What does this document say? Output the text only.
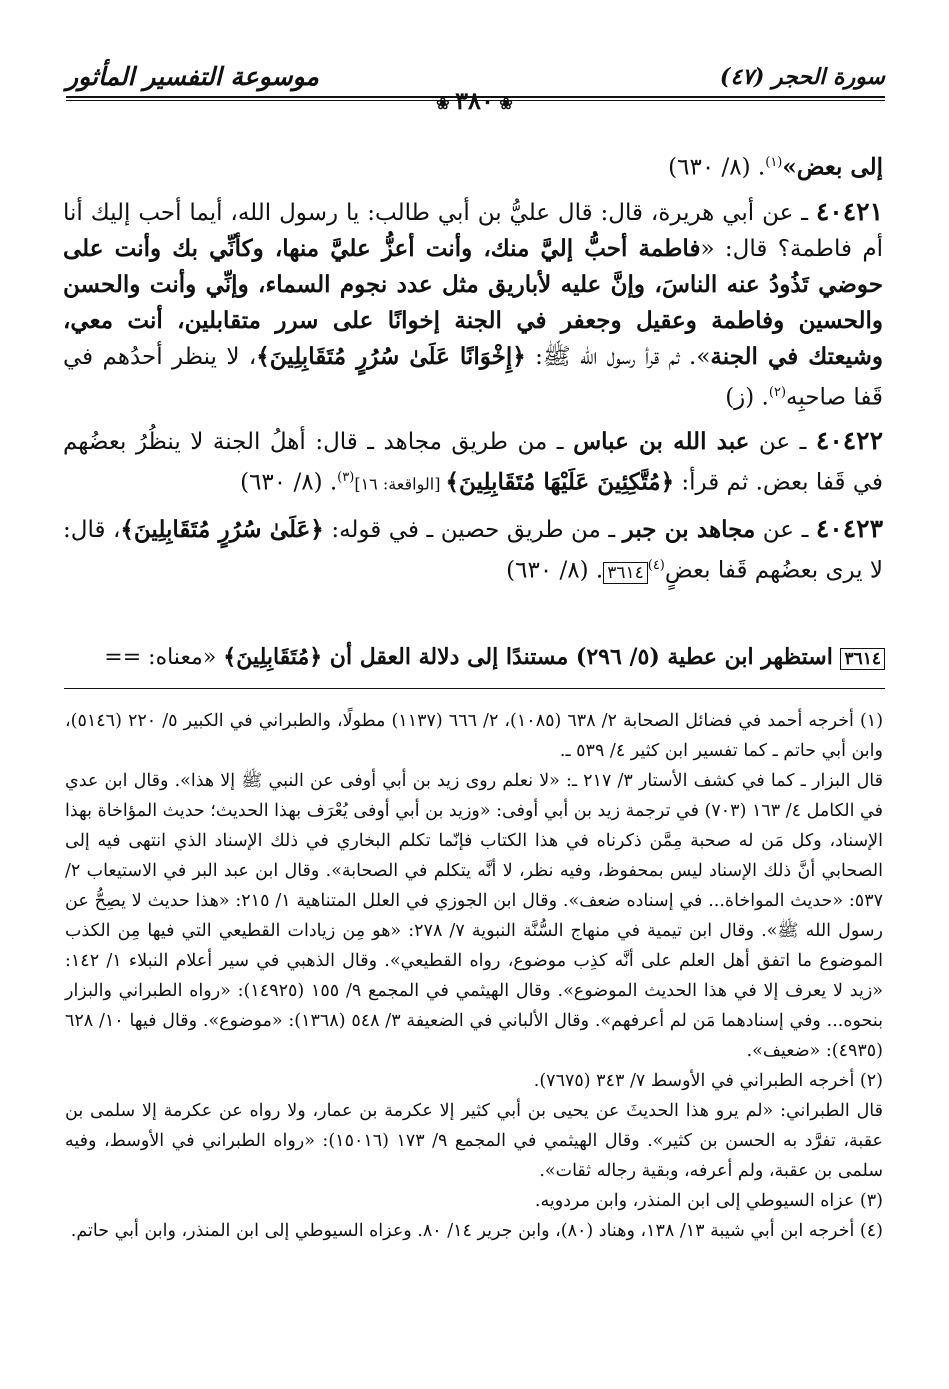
موسوعة التفسير المأثور	سورة الحجر (٤٧)
❀ ٣٨٠ ❀

إلى بعض»$^{(١)}$. (٨/ ٦٣٠)

٤٠٤٢١ ـ عن أبي هريرة، قال: قال عليُّ بن أبي طالب: يا رسول الله، أيما أحب إليك أنا أم فاطمة؟ قال: «فاطمة أحبُّ إليَّ منك، وأنت أعزُّ عليَّ منها، وكأنِّي بك وأنت على حوضي تَذُودُ عنه الناسَ، وإنَّ عليه لأباريق مثل عدد نجوم السماء، وإنِّي وأنت والحسن والحسين وفاطمة وعقيل وجعفر في الجنة إخوانًا على سرر متقابلين، أنت معي، وشيعتك في الجنة». ثم قرأ رسول الله ﷺ: ﴿إِخْوَانًا عَلَىٰ سُرُرٍ مُتَقَابِلِينَ﴾، لا ينظر أحدُهم في قَفا صاحبِه$^{(٢)}$. (ز)

٤٠٤٢٢ ـ عن عبد الله بن عباس ـ من طريق مجاهد ـ قال: أهلُ الجنة لا ينظُرُ بعضُهم في قَفا بعض. ثم قرأ: ﴿مُتَّكِئِينَ عَلَيْهَا مُتَقَابِلِينَ﴾ [الواقعة: ١٦]$^{(٣)}$. (٨/ ٦٣٠)

٤٠٤٢٣ ـ عن مجاهد بن جبر ـ من طريق حصين ـ في قوله: ﴿عَلَىٰ سُرُرٍ مُتَقَابِلِينَ﴾، قال: لا يرى بعضُهم قَفا بعضٍ$^{(٤)}$٣٦١٤. (٨/ ٦٣٠)

٣٦١٤ استظهر ابن عطية (٥/ ٢٩٦) مستندًا إلى دلالة العقل أن ﴿مُتَقَابِلِينَ﴾ «معناه: ==

(١) أخرجه أحمد في فضائل الصحابة ٢/ ٦٣٨ (١٠٨٥)، ٢/ ٦٦٦ (١١٣٧) مطولًا، والطبراني في الكبير ٥/ ٢٢٠ (٥١٤٦)، وابن أبي حاتم ـ كما تفسير ابن كثير ٤/ ٥٣٩ ـ.

قال البزار ـ كما في كشف الأستار ٣/ ٢١٧ ـ: «لا نعلم روى زيد بن أبي أوفى عن النبي ﷺ إلا هذا». وقال ابن عدي في الكامل ٤/ ١٦٣ (٧٠٣) في ترجمة زيد بن أبي أوفى: «وزيد بن أبي أوفى يُعْرَف بهذا الحديث؛ حديث المؤاخاة بهذا الإسناد، وكل مَن له صحبة مِمَّن ذكرناه في هذا الكتاب فإنّما تكلم البخاري في ذلك الإسناد الذي انتهى فيه إلى الصحابي أنَّ ذلك الإسناد ليس بمحفوظ، وفيه نظر، لا أنَّه يتكلم في الصحابة». وقال ابن عبد البر في الاستيعاب ٢/ ٥٣٧: «حديث المواخاة... في إسناده ضعف». وقال ابن الجوزي في العلل المتناهية ١/ ٢١٥: «هذا حديث لا يصِحُّ عن رسول الله ﷺ». وقال ابن تيمية في منهاج السُّنَّة النبوية ٧/ ٢٧٨: «هو مِن زيادات القطيعي التي فيها مِن الكذب الموضوع ما اتفق أهل العلم على أنَّه كذِب موضوع، رواه القطيعي». وقال الذهبي في سير أعلام النبلاء ١/ ١٤٢: «زيد لا يعرف إلا في هذا الحديث الموضوع». وقال الهيثمي في المجمع ٩/ ١٥٥ (١٤٩٢٥): «رواه الطبراني والبزار بنحوه... وفي إسنادهما مَن لم أعرفهم». وقال الألباني في الضعيفة ٣/ ٥٤٨ (١٣٦٨): «موضوع». وقال فيها ١٠/ ٦٢٨ (٤٩٣٥): «ضعيف».

(٢) أخرجه الطبراني في الأوسط ٧/ ٣٤٣ (٧٦٧٥).

قال الطبراني: «لم يرو هذا الحديثَ عن يحيى بن أبي كثير إلا عكرمة بن عمار، ولا رواه عن عكرمة إلا سلمى بن عقبة، تفرَّد به الحسن بن كثير». وقال الهيثمي في المجمع ٩/ ١٧٣ (١٥٠١٦): «رواه الطبراني في الأوسط، وفيه سلمى بن عقبة، ولم أعرفه، وبقية رجاله ثقات».

(٣) عزاه السيوطي إلى ابن المنذر، وابن مردويه.

(٤) أخرجه ابن أبي شيبة ١٣/ ١٣٨، وهناد (٨٠)، وابن جرير ١٤/ ٨٠. وعزاه السيوطي إلى ابن المنذر، وابن أبي حاتم.
